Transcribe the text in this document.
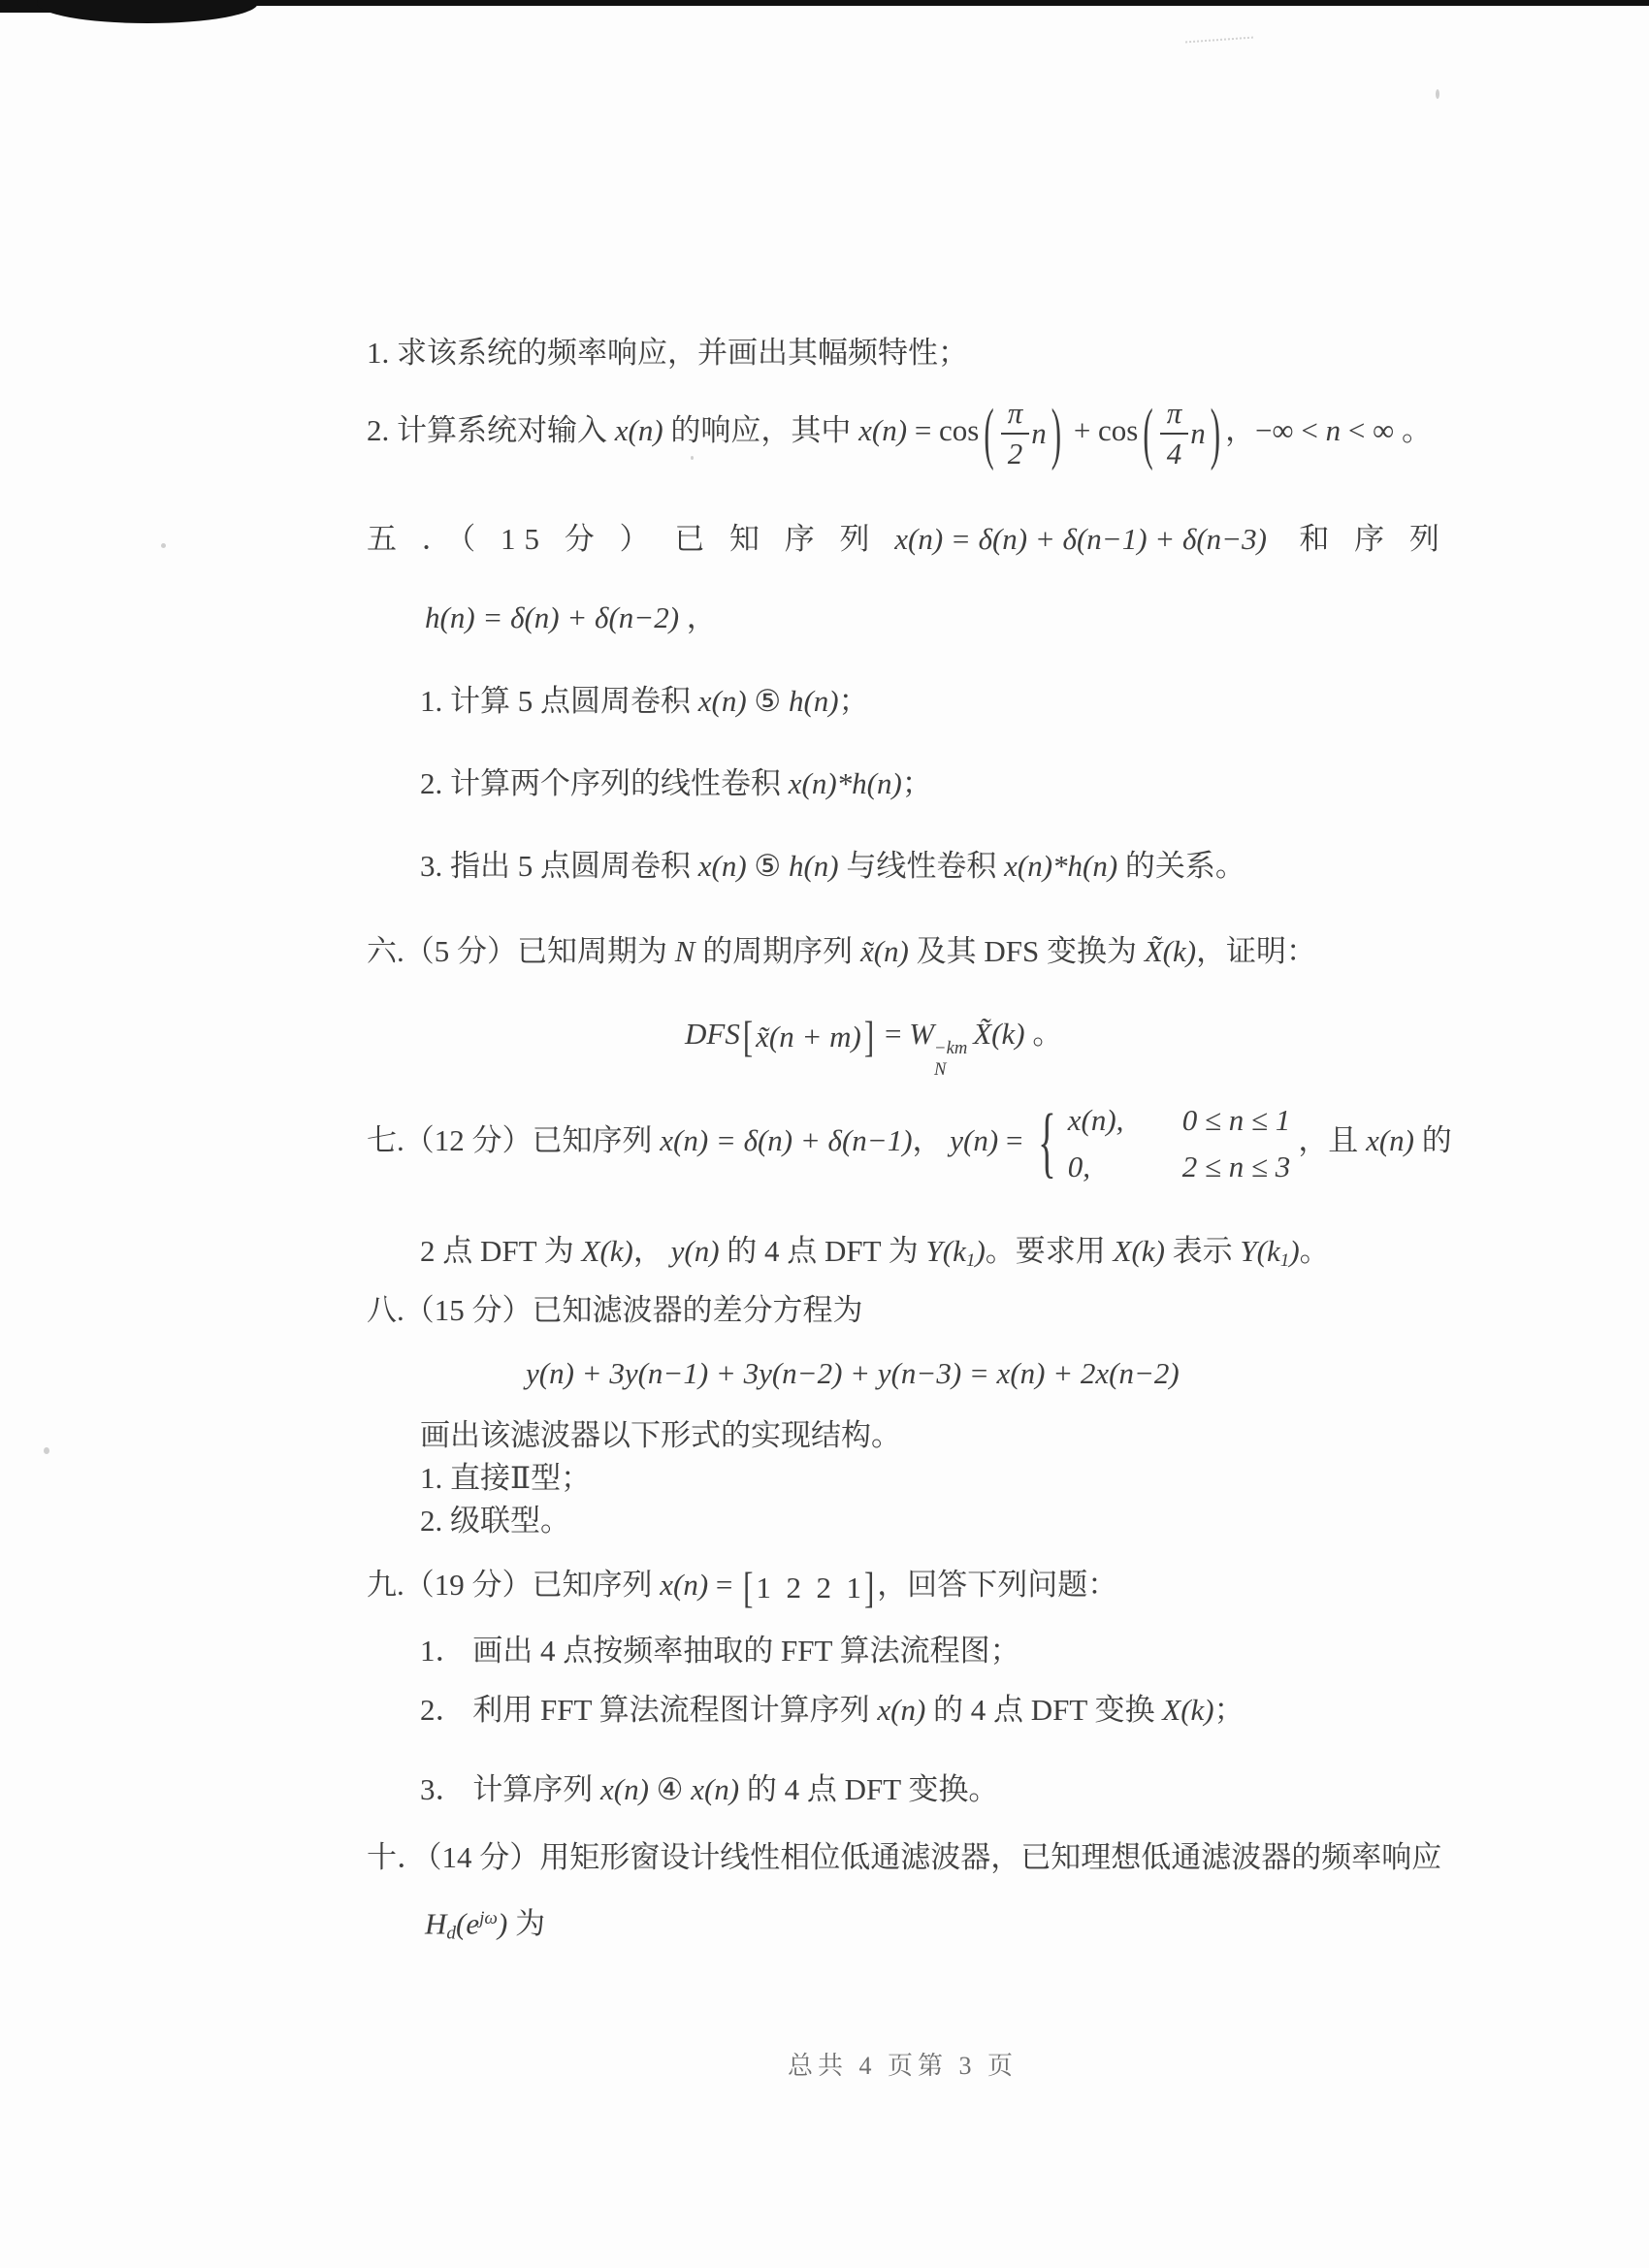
1. 求该系统的频率响应，并画出其幅频特性；
2. 计算系统对输入 x(n) 的响应，其中 x(n) = cos ( $\frac{\pi}{2}$ n ) + cos ( $\frac{\pi}{4}$ n ) ，−∞ < n < ∞ 。
五 ．（ 15 分 ） 已 知 序 列 x(n) = δ(n) + δ(n−1) + δ(n−3)  和 序 列
h(n) = δ(n) + δ(n−2) ，
1. 计算 5 点圆周卷积 x(n) ⑤ h(n)；
2. 计算两个序列的线性卷积 x(n)*h(n)；
3. 指出 5 点圆周卷积 x(n) ⑤ h(n) 与线性卷积 x(n)*h(n) 的关系。
六.（5 分）已知周期为 N 的周期序列 x̃(n) 及其 DFS 变换为 X̃(k)，证明：
DFS [ x̃(n + m) ] = W −km
N
X̃(k) 。
七.（12 分）已知序列 x(n) = δ(n) + δ(n−1)， y(n) = { x(n),	0 ≤ n ≤ 1
0,	2 ≤ n ≤ 3
，且 x(n) 的
2 点 DFT 为 X(k)， y(n) 的 4 点 DFT 为 Y(k1)。要求用 X(k) 表示 Y(k1)。
八.（15 分）已知滤波器的差分方程为
y(n) + 3y(n−1) + 3y(n−2) + y(n−3) = x(n) + 2x(n−2)
画出该滤波器以下形式的实现结构。
1. 直接Ⅱ型；
2. 级联型。
九.（19 分）已知序列 x(n) = [ 1 2 2 1 ] ，回答下列问题：
1． 画出 4 点按频率抽取的 FFT 算法流程图；
2． 利用 FFT 算法流程图计算序列 x(n) 的 4 点 DFT 变换 X(k)；
3． 计算序列 x(n) ④ x(n) 的 4 点 DFT 变换。
十．（14 分）用矩形窗设计线性相位低通滤波器，已知理想低通滤波器的频率响应
$Hd(e^{j\omega})$ 为
总共 4 页第 3 页
